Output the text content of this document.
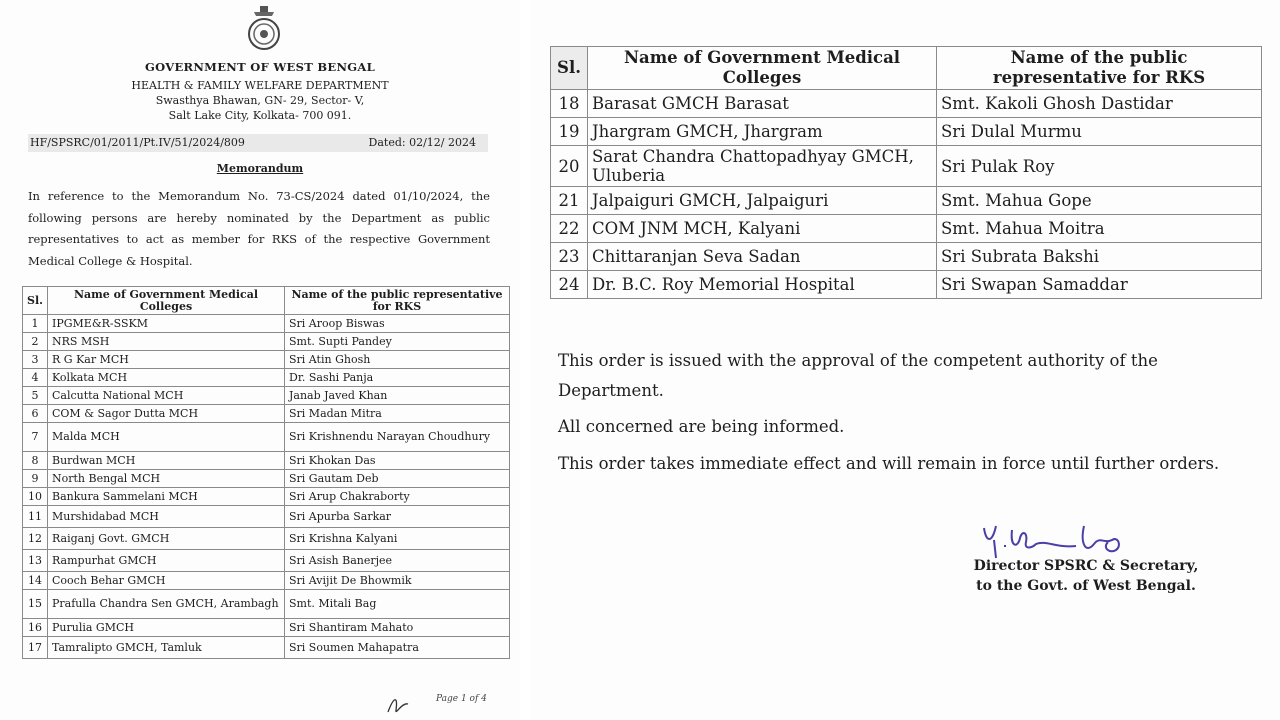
GOVERNMENT OF WEST BENGAL
HEALTH & FAMILY WELFARE DEPARTMENT
Swasthya Bhawan, GN- 29, Sector- V,
Salt Lake City, Kolkata- 700 091.
HF/SPSRC/01/2011/Pt.IV/51/2024/809	Dated: 02/12/ 2024
Memorandum
In reference to the Memorandum No. 73-CS/2024 dated 01/10/2024, the following persons are hereby nominated by the Department as public representatives to act as member for RKS of the respective Government Medical College & Hospital.
Sl.	Name of Government Medical Colleges	Name of the public representative for RKS
1	IPGME&R-SSKM	Sri Aroop Biswas
2	NRS MSH	Smt. Supti Pandey
3	R G Kar MCH	Sri Atin Ghosh
4	Kolkata MCH	Dr. Sashi Panja
5	Calcutta National MCH	Janab Javed Khan
6	COM & Sagor Dutta MCH	Sri Madan Mitra
7	Malda MCH	Sri Krishnendu Narayan Choudhury
8	Burdwan MCH	Sri Khokan Das
9	North Bengal MCH	Sri Gautam Deb
10	Bankura Sammelani MCH	Sri Arup Chakraborty
11	Murshidabad MCH	Sri Apurba Sarkar
12	Raiganj Govt. GMCH	Sri Krishna Kalyani
13	Rampurhat GMCH	Sri Asish Banerjee
14	Cooch Behar GMCH	Sri Avijit De Bhowmik
15	Prafulla Chandra Sen GMCH, Arambagh	Smt. Mitali Bag
16	Purulia GMCH	Sri Shantiram Mahato
17	Tamralipto GMCH, Tamluk	Sri Soumen Mahapatra
Page 1 of 4
Sl.	Name of Government Medical Colleges	Name of the public representative for RKS
18	Barasat GMCH Barasat	Smt. Kakoli Ghosh Dastidar
19	Jhargram GMCH, Jhargram	Sri Dulal Murmu
20	Sarat Chandra Chattopadhyay GMCH, Uluberia	Sri Pulak Roy
21	Jalpaiguri GMCH, Jalpaiguri	Smt. Mahua Gope
22	COM JNM MCH, Kalyani	Smt. Mahua Moitra
23	Chittaranjan Seva Sadan	Sri Subrata Bakshi
24	Dr. B.C. Roy Memorial Hospital	Sri Swapan Samaddar
This order is issued with the approval of the competent authority of the Department.
All concerned are being informed.
This order takes immediate effect and will remain in force until further orders.
Director SPSRC & Secretary,
to the Govt. of West Bengal.
